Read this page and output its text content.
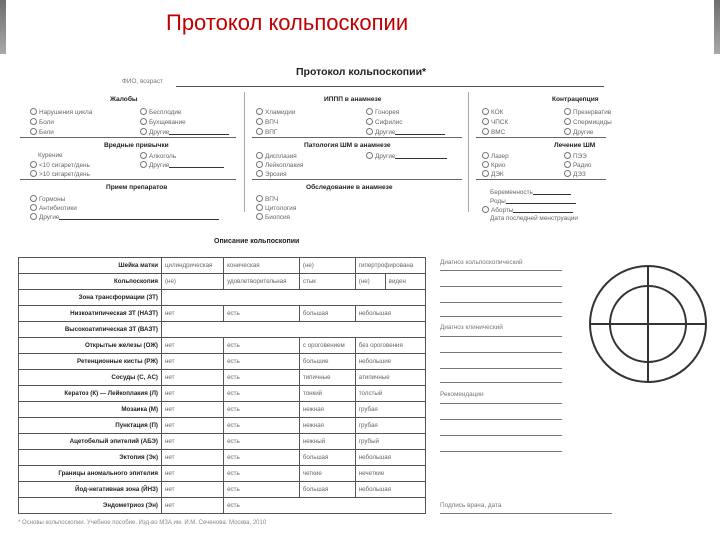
Протокол кольпоскопии
Протокол кольпоскопии*
ФИО, возраст
Жалобы
Нарушения цикла
Боли
Бели
Бесплодие
Бухщевание
Другие
ИППП в анамнезе
Хламидии
ВПЧ
ВПГ
Гонорея
Сифилис
Другие
Контрацепция
КОК
ЧПСК
ВМС
Презерватив
Спермициды
Другие
Вредные привычки
Курение
<10 сигарет/день
>10 сигарет/день
Алкоголь
Другие
Патология ШМ в анамнезе
Дисплазия
Лейкоплакия
Эрозия
Другие
Лечение ШМ
Лазер
Крио
ДЭК
ПЭЭ
Радио
ДЭЗ
Прием препаратов
Гормоны
Антибиотики
Другие
Обследование в анамнезе
ВПЧ
Цитология
Биопсия
Беременность
Роды
Аборты
Дата последней менструации
Описание кольпоскопии
Шейка матки	цилиндрическая	коническая	(не)	гипертрофирована	
Кольпоскопия	(не)	удовлетворительная	стык	(не)	виден
Зона трансформации (ЗТ)					
Низкоатипическая ЗТ (НАЗТ)	нет	есть	большая	небольшая	
Высокоатипическая ЗТ (ВАЗТ)					
Открытые железы (ОЖ)	нет	есть	с ороговением	без ороговения	
Ретенционные кисты (РЖ)	нет	есть	большие	небольшие	
Сосуды (С, АС)	нет	есть	типичные	атипичные	
Кератоз (К) — Лейкоплакия (Л)	нет	есть	тонкий	толстый	
Мозаика (М)	нет	есть	нежная	грубая	
Пунктация (П)	нет	есть	нежная	грубая	
Ацетобелый эпителий (АБЭ)	нет	есть	нежный	грубый	
Эктопия (Эк)	нет	есть	большая	небольшая	
Границы аномального эпителия	нет	есть	четкие	нечеткие	
Йод-негативная зона (ЙНЗ)	нет	есть	большая	небольшая	
Эндометриоз (Эн)	нет	есть			
Диагноз кольпоскопический
Диагноз клинический
Рекомендации
Подпись врача, дата
* Основы кольпоскопии. Учебное пособие. Изд-во МЗА им. И.М. Сеченова. Москва, 2010
